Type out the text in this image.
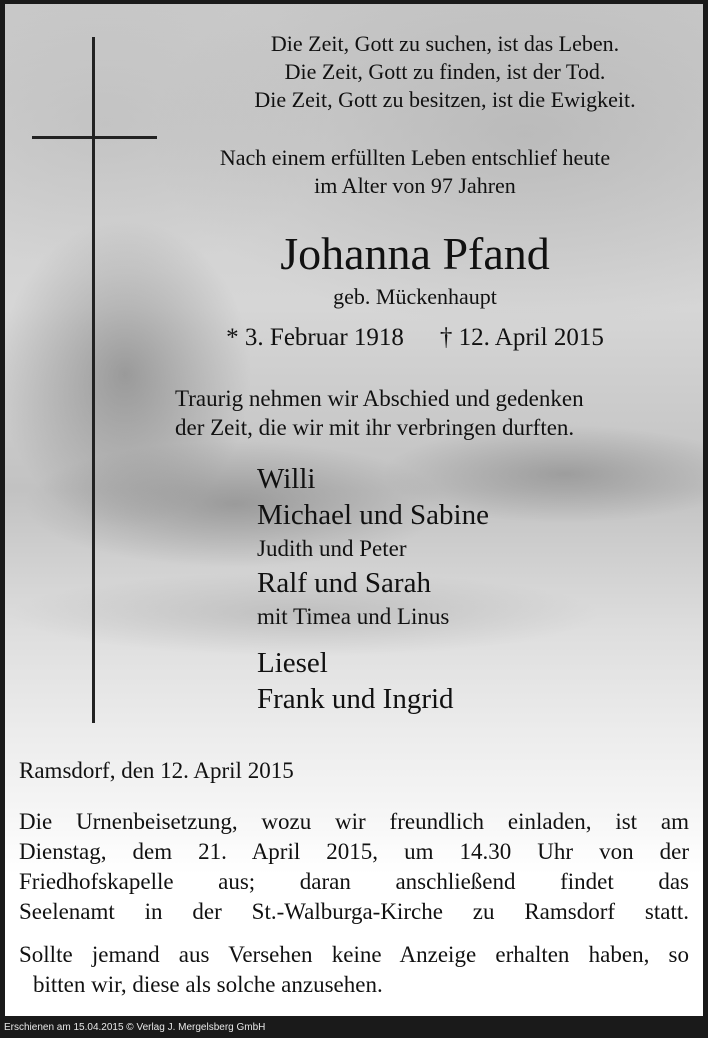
Die Zeit, Gott zu suchen, ist das Leben.
Die Zeit, Gott zu finden, ist der Tod.
Die Zeit, Gott zu besitzen, ist die Ewigkeit.
Nach einem erfüllten Leben entschlief heute
im Alter von 97 Jahren
Johanna Pfand
geb. Mückenhaupt
* 3. Februar 1918 † 12. April 2015
Traurig nehmen wir Abschied und gedenken
der Zeit, die wir mit ihr verbringen durften.
Willi
Michael und Sabine
Judith und Peter
Ralf und Sarah
mit Timea und Linus
Liesel
Frank und Ingrid
Ramsdorf, den 12. April 2015
Die Urnenbeisetzung, wozu wir freundlich einladen, ist am
Dienstag, dem 21. April 2015, um 14.30 Uhr von der
Friedhofskapelle aus; daran anschließend findet das
Seelenamt in der St.-Walburga-Kirche zu Ramsdorf statt.
Sollte jemand aus Versehen keine Anzeige erhalten haben, so
bitten wir, diese als solche anzusehen.
Erschienen am 15.04.2015 © Verlag J. Mergelsberg GmbH
